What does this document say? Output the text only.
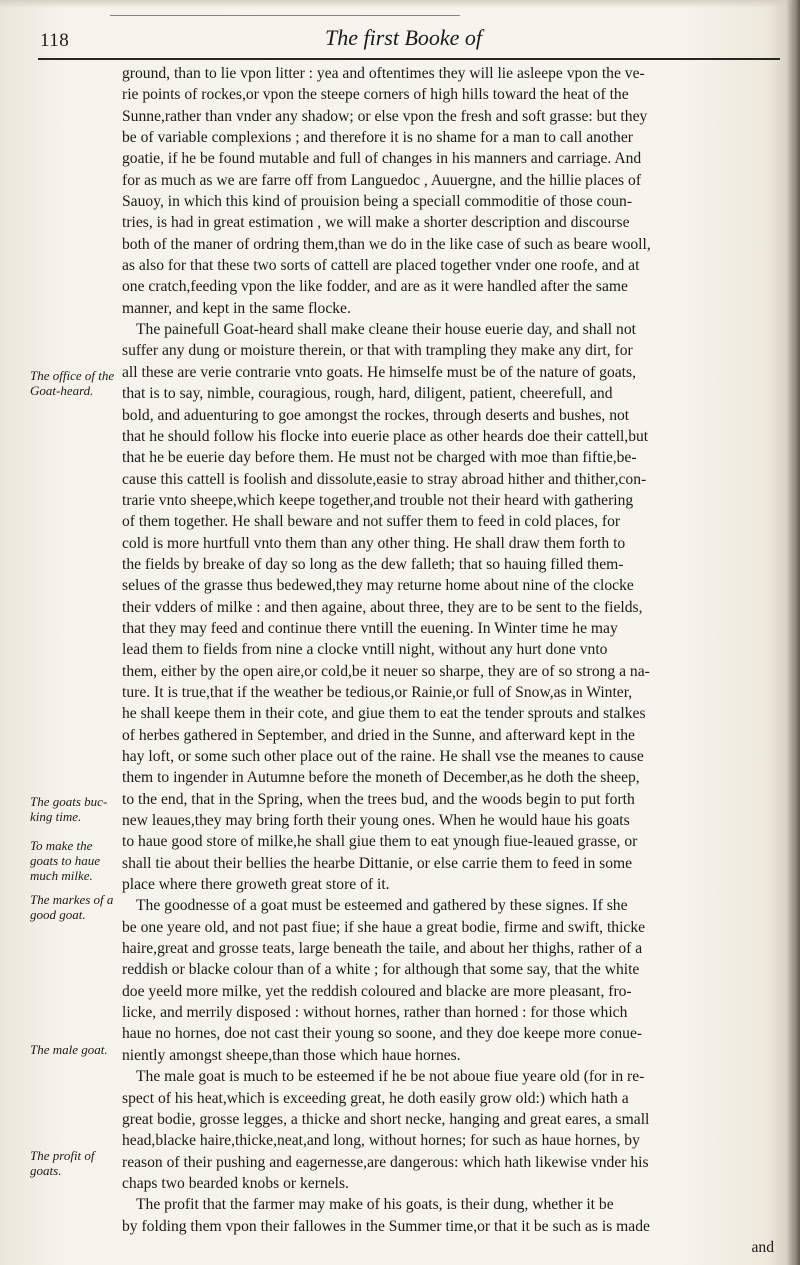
118	The first Booke of
The office of the Goat-heard.
The goats buc- king time.
To make the goats to haue much milke.
The markes of a good goat.
The male goat.
The profit of goats.
ground, than to lie vpon litter : yea and oftentimes they will lie asleepe vpon the ve-
rie points of rockes,or vpon the steepe corners of high hills toward the heat of the
Sunne,rather than vnder any shadow; or else vpon the fresh and soft grasse: but they
be of variable complexions ; and therefore it is no shame for a man to call another
goatie, if he be found mutable and full of changes in his manners and carriage. And
for as much as we are farre off from Languedoc , Auuergne, and the hillie places of
Sauoy, in which this kind of prouision being a speciall commoditie of those coun-
tries, is had in great estimation , we will make a shorter description and discourse
both of the maner of ordring them,than we do in the like case of such as beare wooll,
as also for that these two sorts of cattell are placed together vnder one roofe, and at
one cratch,feeding vpon the like fodder, and are as it were handled after the same
manner, and kept in the same flocke.
The painefull Goat-heard shall make cleane their house euerie day, and shall not
suffer any dung or moisture therein, or that with trampling they make any dirt, for
all these are verie contrarie vnto goats. He himselfe must be of the nature of goats,
that is to say, nimble, couragious, rough, hard, diligent, patient, cheerefull, and
bold, and aduenturing to goe amongst the rockes, through deserts and bushes, not
that he should follow his flocke into euerie place as other heards doe their cattell,but
that he be euerie day before them. He must not be charged with moe than fiftie,be-
cause this cattell is foolish and dissolute,easie to stray abroad hither and thither,con-
trarie vnto sheepe,which keepe together,and trouble not their heard with gathering
of them together. He shall beware and not suffer them to feed in cold places, for
cold is more hurtfull vnto them than any other thing. He shall draw them forth to
the fields by breake of day so long as the dew falleth; that so hauing filled them-
selues of the grasse thus bedewed,they may returne home about nine of the clocke
their vdders of milke : and then againe, about three, they are to be sent to the fields,
that they may feed and continue there vntill the euening. In Winter time he may
lead them to fields from nine a clocke vntill night, without any hurt done vnto
them, either by the open aire,or cold,be it neuer so sharpe, they are of so strong a na-
ture. It is true,that if the weather be tedious,or Rainie,or full of Snow,as in Winter,
he shall keepe them in their cote, and giue them to eat the tender sprouts and stalkes
of herbes gathered in September, and dried in the Sunne, and afterward kept in the
hay loft, or some such other place out of the raine. He shall vse the meanes to cause
them to ingender in Autumne before the moneth of December,as he doth the sheep,
to the end, that in the Spring, when the trees bud, and the woods begin to put forth
new leaues,they may bring forth their young ones. When he would haue his goats
to haue good store of milke,he shall giue them to eat ynough fiue-leaued grasse, or
shall tie about their bellies the hearbe Dittanie, or else carrie them to feed in some
place where there groweth great store of it.
The goodnesse of a goat must be esteemed and gathered by these signes. If she
be one yeare old, and not past fiue; if she haue a great bodie, firme and swift, thicke
haire,great and grosse teats, large beneath the taile, and about her thighs, rather of a
reddish or blacke colour than of a white ; for although that some say, that the white
doe yeeld more milke, yet the reddish coloured and blacke are more pleasant, fro-
licke, and merrily disposed : without hornes, rather than horned : for those which
haue no hornes, doe not cast their young so soone, and they doe keepe more conue-
niently amongst sheepe,than those which haue hornes.
The male goat is much to be esteemed if he be not aboue fiue yeare old (for in re-
spect of his heat,which is exceeding great, he doth easily grow old:) which hath a
great bodie, grosse legges, a thicke and short necke, hanging and great eares, a small
head,blacke haire,thicke,neat,and long, without hornes; for such as haue hornes, by
reason of their pushing and eagernesse,are dangerous: which hath likewise vnder his
chaps two bearded knobs or kernels.
The profit that the farmer may make of his goats, is their dung, whether it be
by folding them vpon their fallowes in the Summer time,or that it be such as is made
and
